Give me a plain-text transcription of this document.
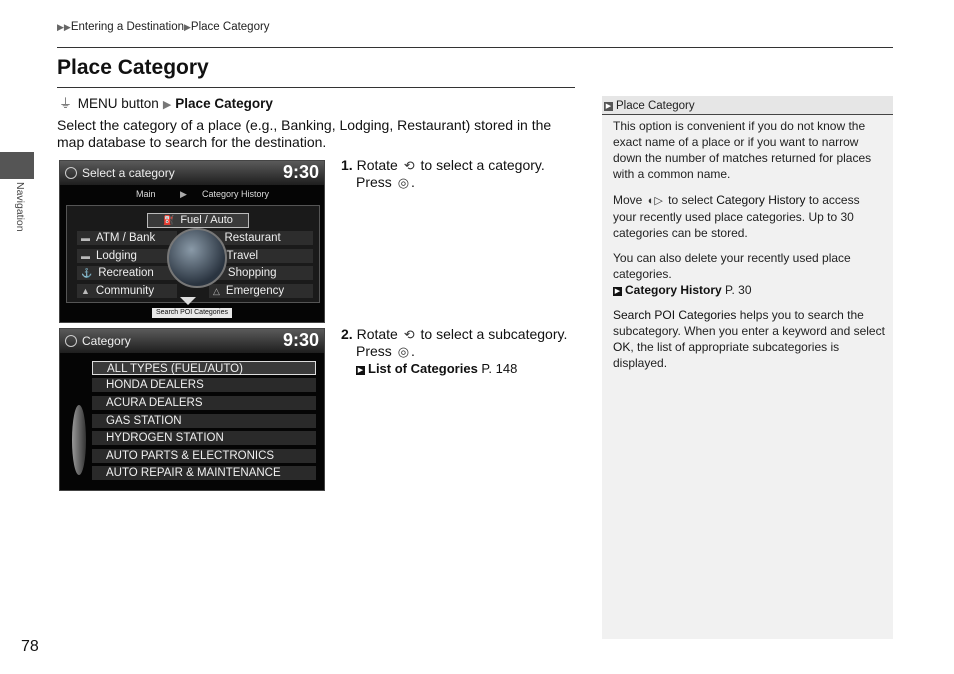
▶▶Entering a Destination▶Place Category
Place Category
Navigation
78
⏚ MENU button ▶ Place Category
Select the category of a place (e.g., Banking, Lodging, Restaurant) stored in the map database to search for the destination.
Select a category	9:30
Main	▶ Category History
⛽ Fuel / Auto
▬ ATM / Bank
▬ Lodging
⚓ Recreation
▲ Community
Restaurant
Travel
Shopping
△ Emergency
Search POI Categories
Category	9:30
ALL TYPES (FUEL/AUTO)
HONDA DEALERS
ACURA DEALERS
GAS STATION
HYDROGEN STATION
AUTO PARTS & ELECTRONICS
AUTO REPAIR & MAINTENANCE
1. Rotate ⟲ to select a category.
Press ◎ .
2. Rotate ⟲ to select a subcategory.
Press ◎ .
▶ List of Categories P. 148
▶ Place Category
This option is convenient if you do not know the exact name of a place or if you want to narrow down the number of matches returned for places with a common name.
Move ◐▷ to select Category History to access your recently used place categories. Up to 30 categories can be stored.
You can also delete your recently used place categories.
▶ Category History P. 30
Search POI Categories helps you to search the subcategory. When you enter a keyword and select OK, the list of appropriate subcategories is displayed.
